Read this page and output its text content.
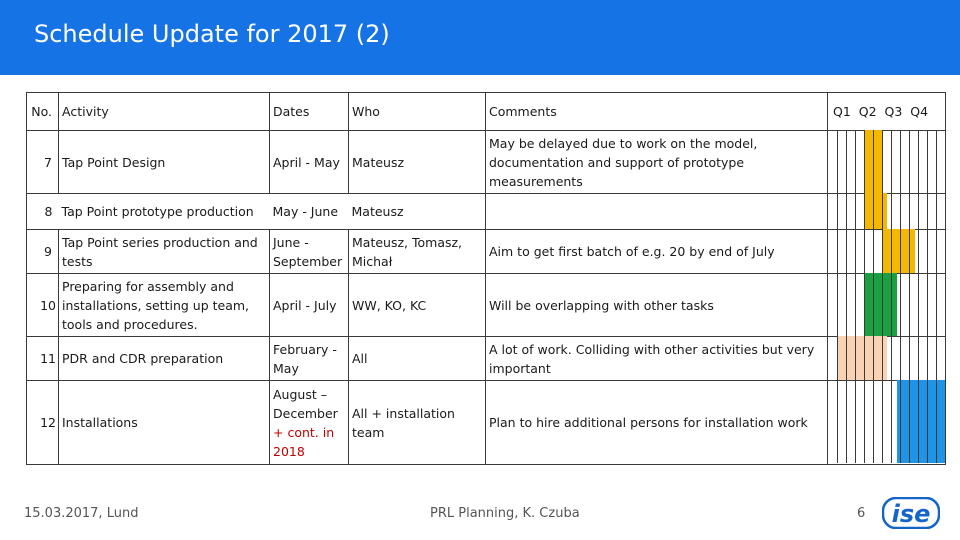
Schedule Update for 2017 (2)
No.	Activity	Dates	Who	Comments	Q1 Q2 Q3 Q4
7	Tap Point Design	April - May	Mateusz	May be delayed due to work on the model, documentation and support of prototype measurements	
8	Tap Point prototype production	May - June	Mateusz		
9	Tap Point series production and tests	June - September	Mateusz, Tomasz, Michał	Aim to get first batch of e.g. 20 by end of July	
10	Preparing for assembly and installations, setting up team, tools and procedures.	April - July	WW, KO, KC	Will be overlapping with other tasks	
11	PDR and CDR preparation	February - May	All	A lot of work. Colliding with other activities but very important	
12	Installations	August – December + cont. in 2018	All + installation team	Plan to hire additional persons for installation work	
15.03.2017, Lund	PRL Planning, K. Czuba	6 ise
